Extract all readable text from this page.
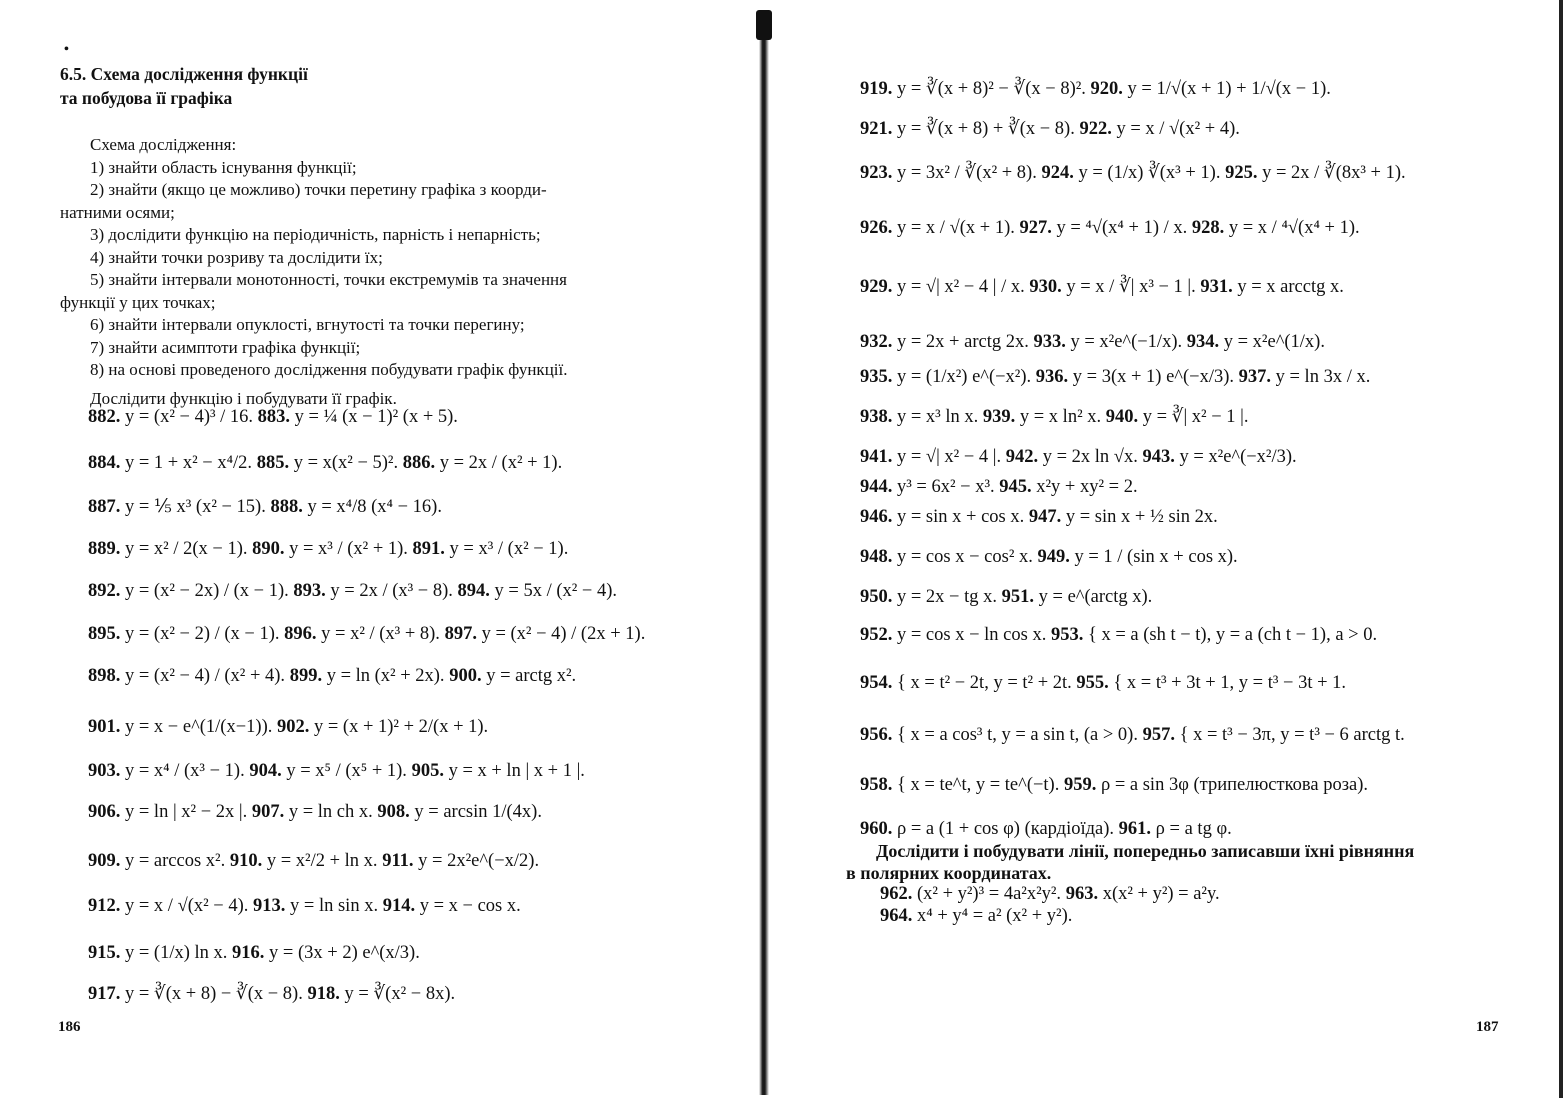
•
6.5. Схема дослідження функції
та побудова її графіка
Схема дослідження:
1) знайти область існування функції;
2) знайти (якщо це можливо) точки перетину графіка з коорди-
натними осями;
3) дослідити функцію на періодичність, парність і непарність;
4) знайти точки розриву та дослідити їх;
5) знайти інтервали монотонності, точки екстремумів та значення
функції у цих точках;
6) знайти інтервали опуклості, вгнутості та точки перегину;
7) знайти асимптоти графіка функції;
8) на основі проведеного дослідження побудувати графік функції.
Дослідити функцію і побудувати її графік.
882. y = (x² − 4)³ / 16. 883. y = ¼ (x − 1)² (x + 5).
884. y = 1 + x² − x⁴/2. 885. y = x(x² − 5)². 886. y = 2x / (x² + 1).
887. y = ⅕ x³ (x² − 15). 888. y = x⁴/8 (x⁴ − 16).
889. y = x² / 2(x − 1). 890. y = x³ / (x² + 1). 891. y = x³ / (x² − 1).
892. y = (x² − 2x) / (x − 1). 893. y = 2x / (x³ − 8). 894. y = 5x / (x² − 4).
895. y = (x² − 2) / (x − 1). 896. y = x² / (x³ + 8). 897. y = (x² − 4) / (2x + 1).
898. y = (x² − 4) / (x² + 4). 899. y = ln (x² + 2x). 900. y = arctg x².
901. y = x − e^(1/(x−1)). 902. y = (x + 1)² + 2/(x + 1).
903. y = x⁴ / (x³ − 1). 904. y = x⁵ / (x⁵ + 1). 905. y = x + ln | x + 1 |.
906. y = ln | x² − 2x |. 907. y = ln ch x. 908. y = arcsin 1/(4x).
909. y = arccos x². 910. y = x²/2 + ln x. 911. y = 2x²e^(−x/2).
912. y = x / √(x² − 4). 913. y = ln sin x. 914. y = x − cos x.
915. y = (1/x) ln x. 916. y = (3x + 2) e^(x/3).
917. y = ∛(x + 8) − ∛(x − 8). 918. y = ∛(x² − 8x).
186
919. y = ∛(x + 8)² − ∛(x − 8)². 920. y = 1/√(x + 1) + 1/√(x − 1).
921. y = ∛(x + 8) + ∛(x − 8). 922. y = x / √(x² + 4).
923. y = 3x² / ∛(x² + 8). 924. y = (1/x) ∛(x³ + 1). 925. y = 2x / ∛(8x³ + 1).
926. y = x / √(x + 1). 927. y = ⁴√(x⁴ + 1) / x. 928. y = x / ⁴√(x⁴ + 1).
929. y = √| x² − 4 | / x. 930. y = x / ∛| x³ − 1 |. 931. y = x arcctg x.
932. y = 2x + arctg 2x. 933. y = x²e^(−1/x). 934. y = x²e^(1/x).
935. y = (1/x²) e^(−x²). 936. y = 3(x + 1) e^(−x/3). 937. y = ln 3x / x.
938. y = x³ ln x. 939. y = x ln² x. 940. y = ∛| x² − 1 |.
941. y = √| x² − 4 |. 942. y = 2x ln √x. 943. y = x²e^(−x²/3).
944. y³ = 6x² − x³. 945. x²y + xy² = 2.
946. y = sin x + cos x. 947. y = sin x + ½ sin 2x.
948. y = cos x − cos² x. 949. y = 1 / (sin x + cos x).
950. y = 2x − tg x. 951. y = e^(arctg x).
952. y = cos x − ln cos x. 953. { x = a (sh t − t), y = a (ch t − 1), a > 0.
954. { x = t² − 2t, y = t² + 2t. 955. { x = t³ + 3t + 1, y = t³ − 3t + 1.
956. { x = a cos³ t, y = a sin t, (a > 0). 957. { x = t³ − 3π, y = t³ − 6 arctg t.
958. { x = te^t, y = te^(−t). 959. ρ = a sin 3φ (трипелюсткова роза).
960. ρ = a (1 + cos φ) (кардіоїда). 961. ρ = a tg φ.
Дослідити і побудувати лінії, попередньо записавши їхні рівняння
в полярних координатах.
962. (x² + y²)³ = 4a²x²y². 963. x(x² + y²) = a²y.
964. x⁴ + y⁴ = a² (x² + y²).
187
